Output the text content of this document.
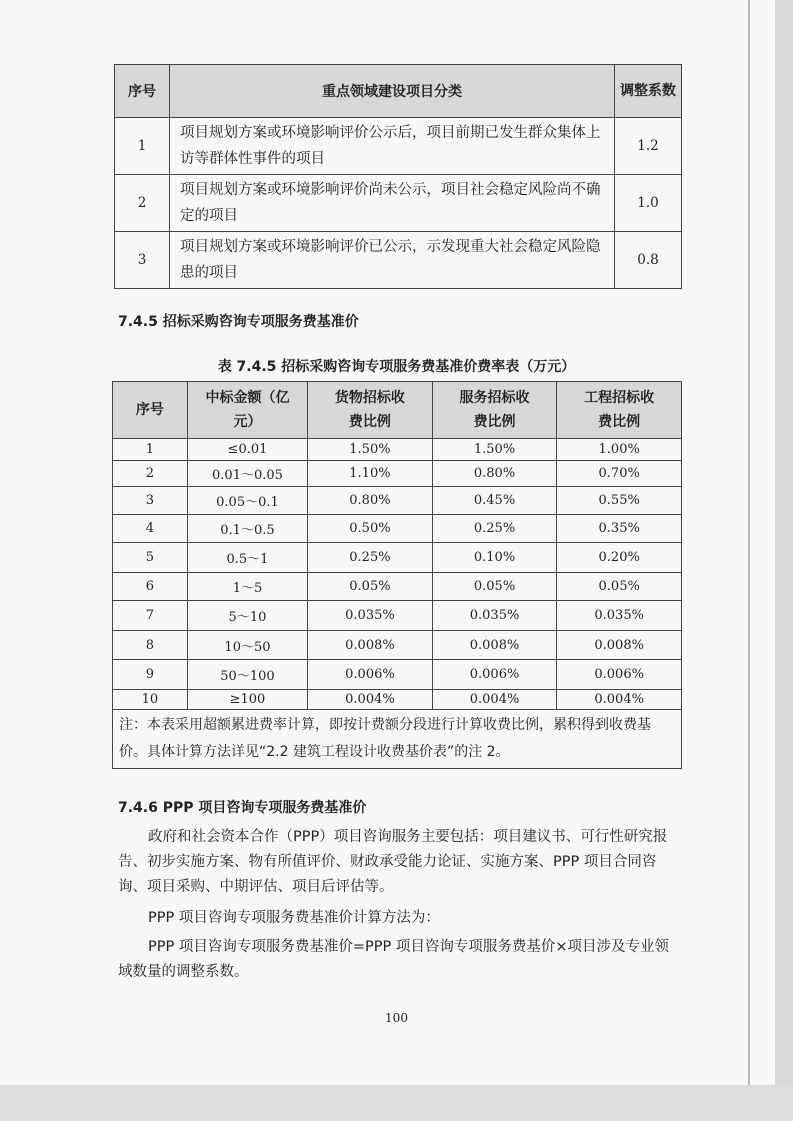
序号	重点领域建设项目分类	调整系数
1	项目规划方案或环境影响评价公示后，项目前期已发生群众集体上访等群体性事件的项目	1.2
2	项目规划方案或环境影响评价尚未公示，项目社会稳定风险尚不确定的项目	1.0
3	项目规划方案或环境影响评价已公示，示发现重大社会稳定风险隐患的项目	0.8
7.4.5 招标采购咨询专项服务费基准价
表 7.4.5 招标采购咨询专项服务费基准价费率表（万元）
序号	中标金额（亿元）	货物招标收费比例	服务招标收费比例	工程招标收费比例
1	≤0.01	1.50%	1.50%	1.00%
2	0.01～0.05	1.10%	0.80%	0.70%
3	0.05～0.1	0.80%	0.45%	0.55%
4	0.1～0.5	0.50%	0.25%	0.35%
5	0.5～1	0.25%	0.10%	0.20%
6	1～5	0.05%	0.05%	0.05%
7	5～10	0.035%	0.035%	0.035%
8	10～50	0.008%	0.008%	0.008%
9	50～100	0.006%	0.006%	0.006%
10	≥100	0.004%	0.004%	0.004%
注：本表采用超额累进费率计算，即按计费额分段进行计算收费比例，累积得到收费基价。具体计算方法详见“2.2 建筑工程设计收费基价表”的注 2。				
7.4.6 PPP 项目咨询专项服务费基准价
政府和社会资本合作（PPP）项目咨询服务主要包括：项目建议书、可行性研究报告、初步实施方案、物有所值评价、财政承受能力论证、实施方案、PPP 项目合同咨询、项目采购、中期评估、项目后评估等。
PPP 项目咨询专项服务费基准价计算方法为：
PPP 项目咨询专项服务费基准价=PPP 项目咨询专项服务费基价×项目涉及专业领域数量的调整系数。
100
